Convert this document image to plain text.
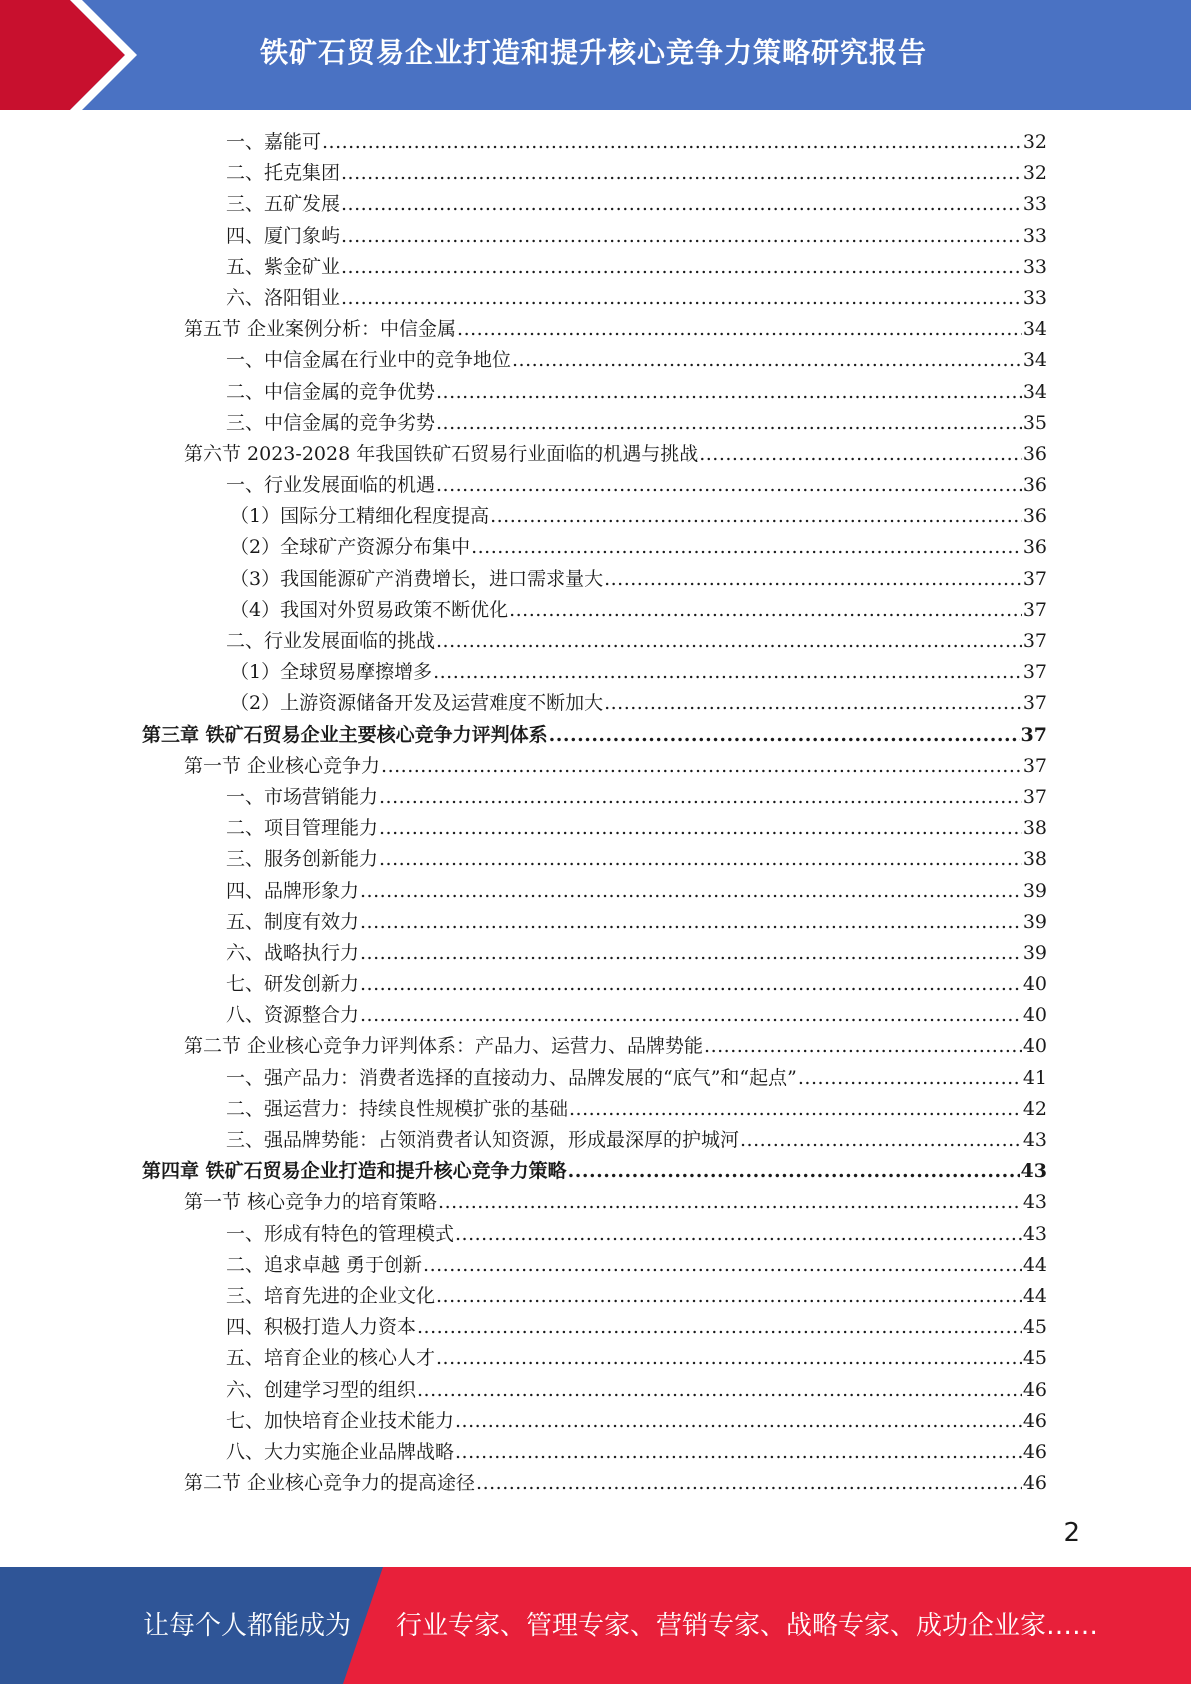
铁矿石贸易企业打造和提升核心竞争力策略研究报告
一、嘉能可 .....	32
二、托克集团 .....	32
三、五矿发展 .....	33
四、厦门象屿 .....	33
五、紫金矿业 .....	33
六、洛阳钼业 .....	33
第五节 企业案例分析：中信金属 .....	34
一、中信金属在行业中的竞争地位 .....	34
二、中信金属的竞争优势 .....	34
三、中信金属的竞争劣势 .....	35
第六节 2023-2028 年我国铁矿石贸易行业面临的机遇与挑战 .....	36
一、行业发展面临的机遇 .....	36
（1）国际分工精细化程度提高 .....	36
（2）全球矿产资源分布集中 .....	36
（3）我国能源矿产消费增长，进口需求量大 .....	37
（4）我国对外贸易政策不断优化 .....	37
二、行业发展面临的挑战 .....	37
（1）全球贸易摩擦增多 .....	37
（2）上游资源储备开发及运营难度不断加大 .....	37
第三章 铁矿石贸易企业主要核心竞争力评判体系 .....	37
第一节 企业核心竞争力 .....	37
一、市场营销能力 .....	37
二、项目管理能力 .....	38
三、服务创新能力 .....	38
四、品牌形象力 .....	39
五、制度有效力 .....	39
六、战略执行力 .....	39
七、研发创新力 .....	40
八、资源整合力 .....	40
第二节 企业核心竞争力评判体系：产品力、运营力、品牌势能 .....	40
一、强产品力：消费者选择的直接动力、品牌发展的“底气”和“起点” .....	41
二、强运营力：持续良性规模扩张的基础 .....	42
三、强品牌势能：占领消费者认知资源，形成最深厚的护城河 .....	43
第四章 铁矿石贸易企业打造和提升核心竞争力策略 .....	43
第一节 核心竞争力的培育策略 .....	43
一、形成有特色的管理模式 .....	43
二、追求卓越 勇于创新 .....	44
三、培育先进的企业文化 .....	44
四、积极打造人力资本 .....	45
五、培育企业的核心人才 .....	45
六、创建学习型的组织 .....	46
七、加快培育企业技术能力 .....	46
八、大力实施企业品牌战略 .....	46
第二节 企业核心竞争力的提高途径 .....	46
2
让每个人都能成为 行业专家、管理专家、营销专家、战略专家、成功企业家……
